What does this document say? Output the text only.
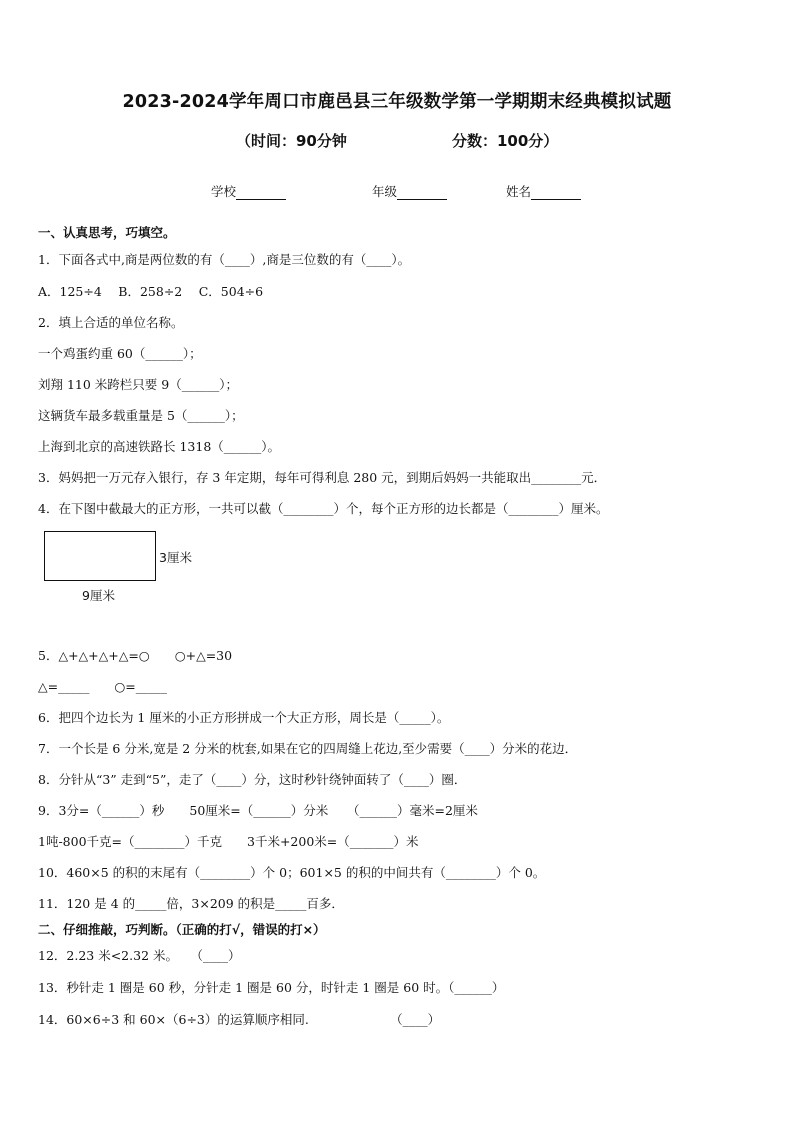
2023-2024学年周口市鹿邑县三年级数学第一学期期末经典模拟试题
（时间：90分钟	分数：100分）
学校	年级	姓名
一、认真思考，巧填空。
1．下面各式中,商是两位数的有（____）,商是三位数的有（____）。
A．125÷4　 B．258÷2　 C．504÷6
2．填上合适的单位名称。
一个鸡蛋约重 60（______）；
刘翔 110 米跨栏只要 9（______）；
这辆货车最多载重量是 5（______）；
上海到北京的高速铁路长 1318（______）。
3．妈妈把一万元存入银行，存 3 年定期，每年可得利息 280 元，到期后妈妈一共能取出________元．
4．在下图中截最大的正方形，一共可以截（________）个，每个正方形的边长都是（________）厘米。
3厘米
9厘米
5．△+△+△+△=○　　○+△=30
△=_____　　○=_____
6．把四个边长为 1 厘米的小正方形拼成一个大正方形，周长是（_____）。
7．一个长是 6 分米,宽是 2 分米的枕套,如果在它的四周缝上花边,至少需要（____）分米的花边．
8．分针从“3” 走到“5”，走了（____）分，这时秒针绕钟面转了（____）圈．
9．3分=（______）秒　　50厘米=（______）分米　　（______）毫米=2厘米
1吨-800千克=（________）千克　　3千米+200米=（_______）米
10．460×5 的积的末尾有（________）个 0；601×5 的积的中间共有（________）个 0。
11．120 是 4 的_____倍，3×209 的积是_____百多．
二、仔细推敲，巧判断。（正确的打√，错误的打×）
12．2.23 米<2.32 米。　　（____）
13．秒针走 1 圈是 60 秒，分针走 1 圈是 60 分，时针走 1 圈是 60 时。（______）
14．60×6÷3 和 60×（6÷3）的运算顺序相同.　　　　　　　（____）
